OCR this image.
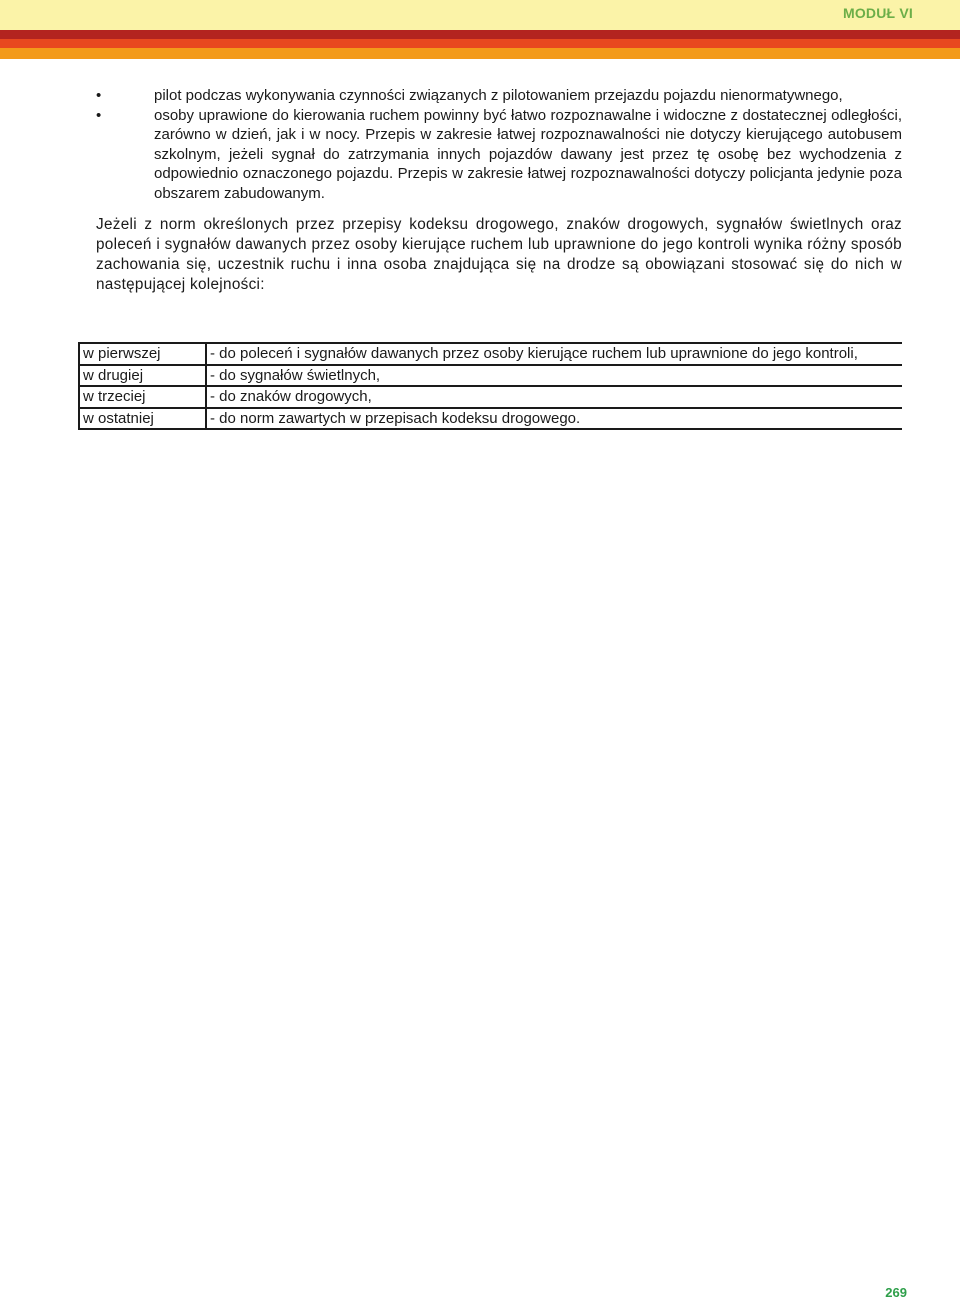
MODUŁ VI
• pilot podczas wykonywania czynności związanych z pilotowaniem przejazdu pojazdu nienormatywnego,
• osoby uprawione do kierowania ruchem powinny być łatwo rozpoznawalne i widoczne z dostatecznej odległości, zarówno w dzień, jak i w nocy. Przepis w zakresie łatwej rozpoznawalności nie dotyczy kierującego autobusem szkolnym, jeżeli sygnał do zatrzymania innych pojazdów dawany jest przez tę osobę bez wychodzenia z odpowiednio oznaczonego pojazdu. Przepis w zakresie łatwej rozpoznawalności dotyczy policjanta jedynie poza obszarem zabudowanym.

Jeżeli z norm określonych przez przepisy kodeksu drogowego, znaków drogowych, sygnałów świetlnych oraz poleceń i sygnałów dawanych przez osoby kierujące ruchem lub uprawnione do jego kontroli wynika różny sposób zachowania się, uczestnik ruchu i inna osoba znajdująca się na drodze są obowiązani stosować się do nich w następującej kolejności:

w pierwszej	- do poleceń i sygnałów dawanych przez osoby kierujące ruchem lub uprawnione do jego kontroli,
w drugiej	- do sygnałów świetlnych,
w trzeciej	- do znaków drogowych,
w ostatniej	- do norm zawartych w przepisach kodeksu drogowego.
269
